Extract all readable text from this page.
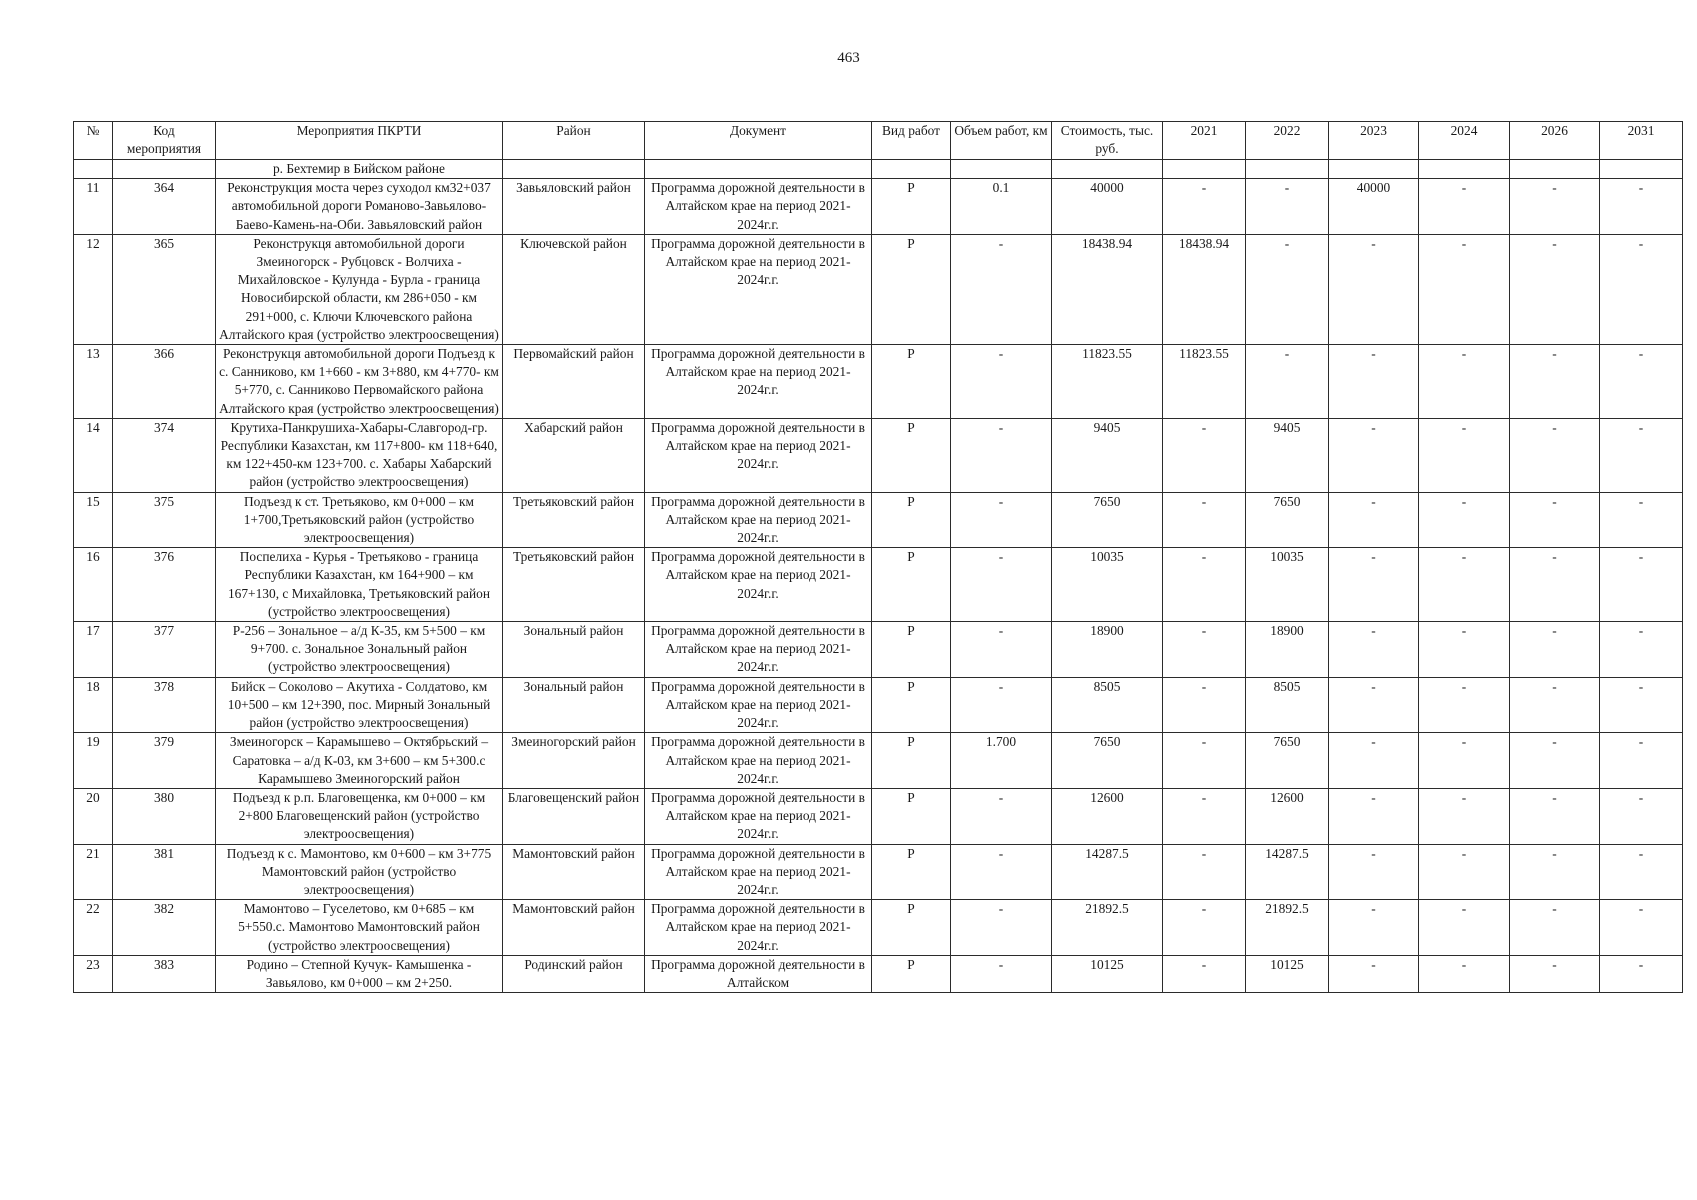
463
№	Код мероприятия	Мероприятия ПКРТИ	Район	Документ	Вид работ	Объем работ, км	Стоимость, тыс. руб.	2021	2022	2023	2024	2026	2031
		р. Бехтемир в Бийском районе											
11	364	Реконструкция моста через суходол км32+037 автомобильной дороги Романово-Завьялово-Баево-Камень-на-Оби. Завьяловский район	Завьяловский район	Программа дорожной деятельности в Алтайском крае на период 2021-2024г.г.	Р	0.1	40000	-	-	40000	-	-	-
12	365	Реконструкця автомобильной дороги Змеиногорск - Рубцовск - Волчиха - Михайловское - Кулунда - Бурла - граница Новосибирской области, км 286+050 - км 291+000, с. Ключи Ключевского района Алтайского края (устройство электроосвещения)	Ключевской район	Программа дорожной деятельности в Алтайском крае на период 2021-2024г.г.	Р	-	18438.94	18438.94	-	-	-	-	-
13	366	Реконструкця автомобильной дороги Подъезд к с. Санниково, км 1+660 - км 3+880, км 4+770- км 5+770, с. Санниково Первомайского района Алтайского края (устройство электроосвещения)	Первомайский район	Программа дорожной деятельности в Алтайском крае на период 2021-2024г.г.	Р	-	11823.55	11823.55	-	-	-	-	-
14	374	Крутиха-Панкрушиха-Хабары-Славгород-гр. Республики Казахстан, км 117+800- км 118+640, км 122+450-км 123+700. с. Хабары Хабарский район (устройство электроосвещения)	Хабарский район	Программа дорожной деятельности в Алтайском крае на период 2021-2024г.г.	Р	-	9405	-	9405	-	-	-	-
15	375	Подъезд к ст. Третьяково, км 0+000 – км 1+700,Третьяковский район (устройство электроосвещения)	Третьяковский район	Программа дорожной деятельности в Алтайском крае на период 2021-2024г.г.	Р	-	7650	-	7650	-	-	-	-
16	376	Поспелиха - Курья - Третьяково - граница Республики Казахстан, км 164+900 – км 167+130, с Михайловка, Третьяковский район (устройство электроосвещения)	Третьяковский район	Программа дорожной деятельности в Алтайском крае на период 2021-2024г.г.	Р	-	10035	-	10035	-	-	-	-
17	377	Р-256 – Зональное – а/д К-35, км 5+500 – км 9+700. с. Зональное Зональный район (устройство электроосвещения)	Зональный район	Программа дорожной деятельности в Алтайском крае на период 2021-2024г.г.	Р	-	18900	-	18900	-	-	-	-
18	378	Бийск – Соколово – Акутиха - Солдатово, км 10+500 – км 12+390, пос. Мирный Зональный район (устройство электроосвещения)	Зональный район	Программа дорожной деятельности в Алтайском крае на период 2021-2024г.г.	Р	-	8505	-	8505	-	-	-	-
19	379	Змеиногорск – Карамышево – Октябрьский – Саратовка – а/д К-03, км 3+600 – км 5+300.с Карамышево Змеиногорский район	Змеиногорский район	Программа дорожной деятельности в Алтайском крае на период 2021-2024г.г.	Р	1.700	7650	-	7650	-	-	-	-
20	380	Подъезд к р.п. Благовещенка, км 0+000 – км 2+800 Благовещенский район (устройство электроосвещения)	Благовещенский район	Программа дорожной деятельности в Алтайском крае на период 2021-2024г.г.	Р	-	12600	-	12600	-	-	-	-
21	381	Подъезд к с. Мамонтово, км 0+600 – км 3+775 Мамонтовский район (устройство электроосвещения)	Мамонтовский район	Программа дорожной деятельности в Алтайском крае на период 2021-2024г.г.	Р	-	14287.5	-	14287.5	-	-	-	-
22	382	Мамонтово – Гуселетово, км 0+685 – км 5+550.с. Мамонтово Мамонтовский район (устройство электроосвещения)	Мамонтовский район	Программа дорожной деятельности в Алтайском крае на период 2021-2024г.г.	Р	-	21892.5	-	21892.5	-	-	-	-
23	383	Родино – Степной Кучук- Камышенка - Завьялово, км 0+000 – км 2+250.	Родинский район	Программа дорожной деятельности в Алтайском	Р	-	10125	-	10125	-	-	-	-
